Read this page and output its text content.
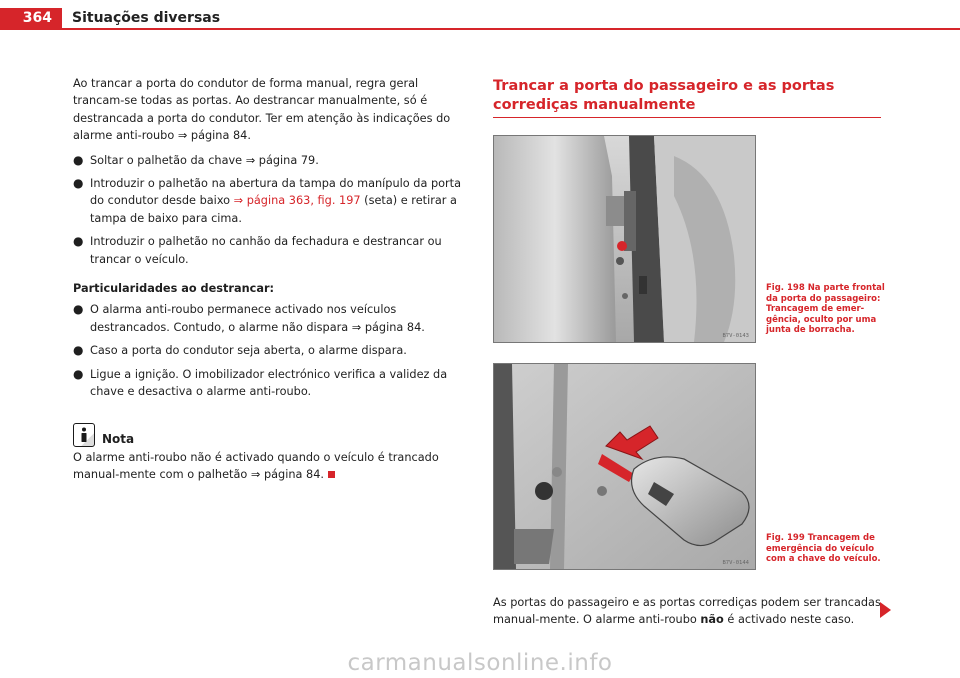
364	Situações diversas

Ao trancar a porta do condutor de forma manual, regra geral trancam-se todas as portas. Ao destrancar manualmente, só é destrancada a porta do condutor. Ter em atenção às indicações do alarme anti-roubo ⇒ página 84.

● Soltar o palhetão da chave ⇒ página 79.
● Introduzir o palhetão na abertura da tampa do manípulo da porta do condutor desde baixo ⇒ página 363, fig. 197 (seta) e retirar a tampa de baixo para cima.
● Introduzir o palhetão no canhão da fechadura e destrancar ou trancar o veículo.
Particularidades ao destrancar:
● O alarma anti-roubo permanece activado nos veículos destrancados. Contudo, o alarme não dispara ⇒ página 84.
● Caso a porta do condutor seja aberta, o alarme dispara.
● Ligue a ignição. O imobilizador electrónico verifica a validez da chave e desactiva o alarme anti-roubo.
Nota

O alarme anti-roubo não é activado quando o veículo é trancado manual-mente com o palhetão ⇒ página 84.

Trancar a porta do passageiro e as portas corrediças manualmente
B7V-0143
Fig. 198 Na parte frontal da porta do passageiro: Trancagem de emer-gência, oculto por uma junta de borracha.
B7V-0144
Fig. 199 Trancagem de emergência do veículo com a chave do veículo.
As portas do passageiro e as portas corrediças podem ser trancadas manual-mente. O alarme anti-roubo não é activado neste caso.
carmanualsonline.info
